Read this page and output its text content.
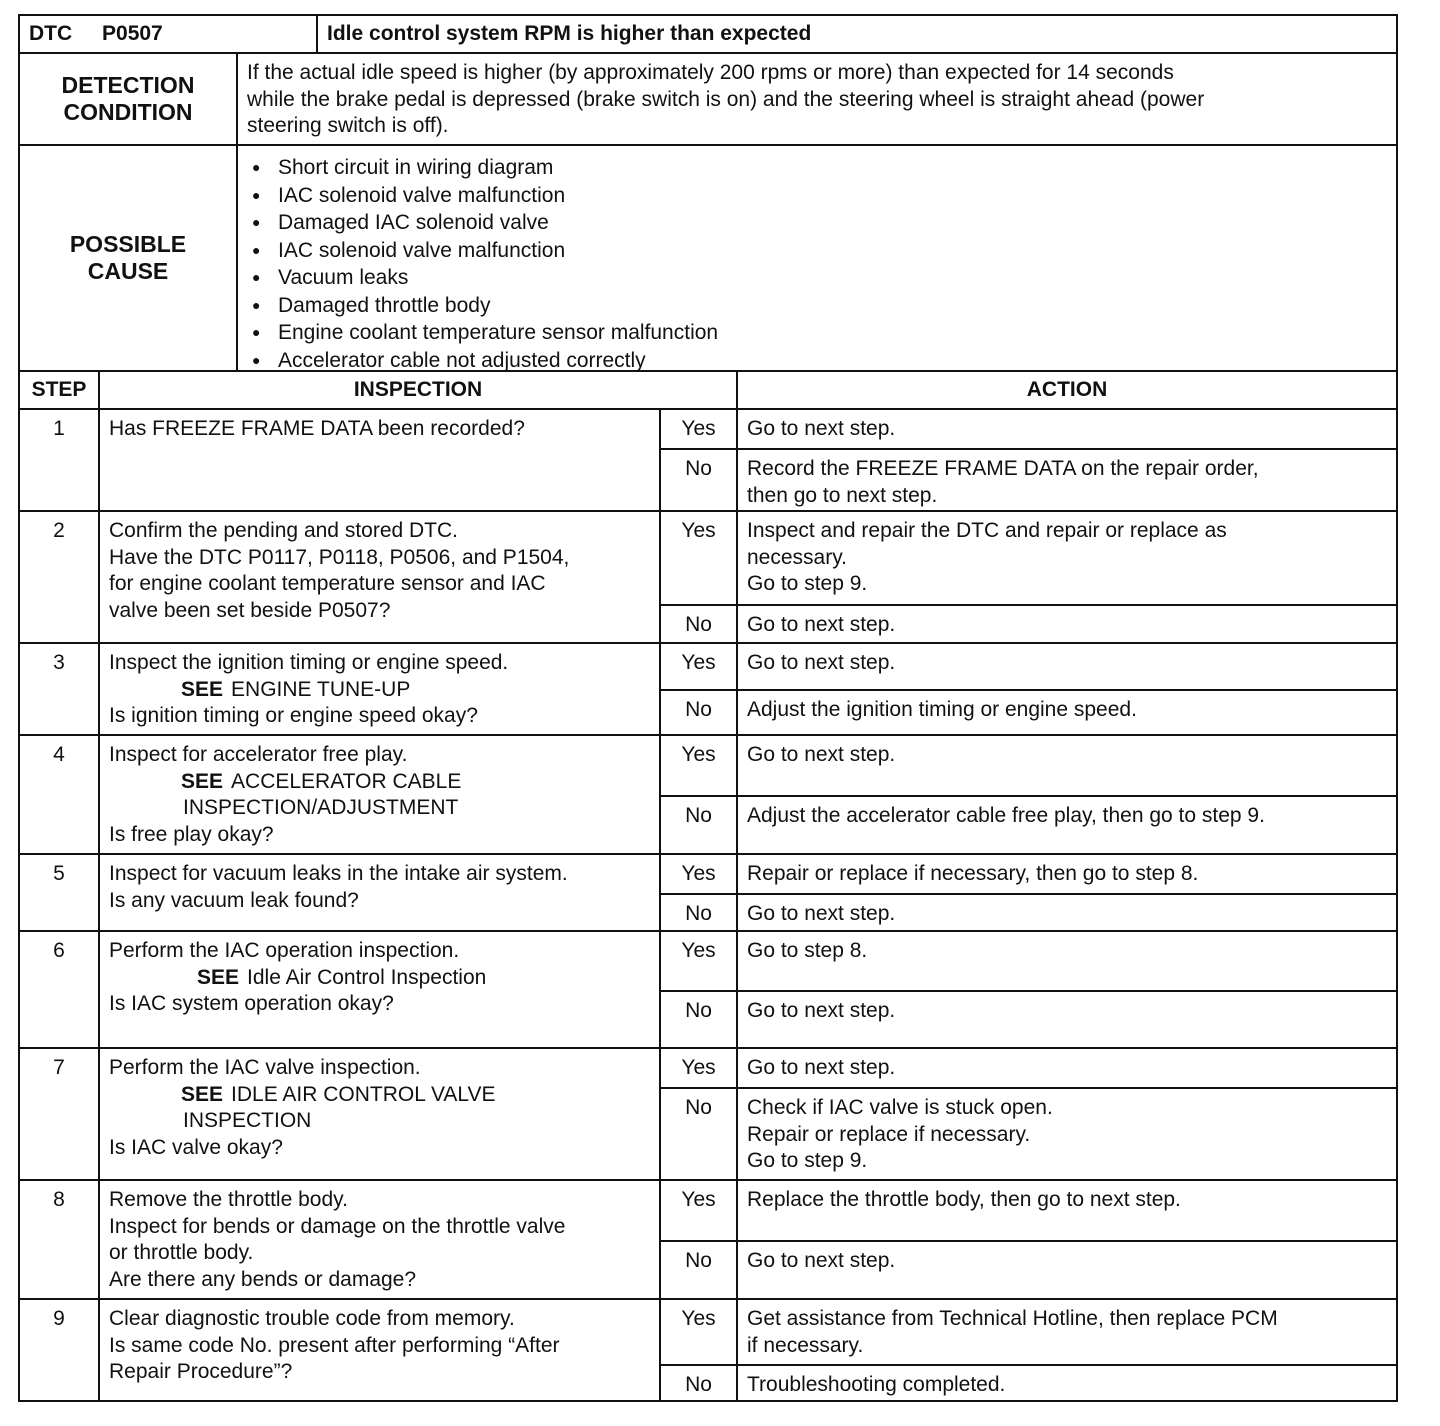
DTC P0507	Idle control system RPM is higher than expected
DETECTION
CONDITION
If the actual idle speed is higher (by approximately 200 rpms or more) than expected for 14 seconds
while the brake pedal is depressed (brake switch is on) and the steering wheel is straight ahead (power
steering switch is off).
POSSIBLE
CAUSE
● Short circuit in wiring diagram
● IAC solenoid valve malfunction
● Damaged IAC solenoid valve
● IAC solenoid valve malfunction
● Vacuum leaks
● Damaged throttle body
● Engine coolant temperature sensor malfunction
● Accelerator cable not adjusted correctly
STEP	INSPECTION	ACTION
1	Has FREEZE FRAME DATA been recorded?	Yes	Go to next step.
No	Record the FREEZE FRAME DATA on the repair order,
then go to next step.
2	Confirm the pending and stored DTC.
Have the DTC P0117, P0118, P0506, and P1504,
for engine coolant temperature sensor and IAC
valve been set beside P0507?
Yes	Inspect and repair the DTC and repair or replace as
necessary.
Go to step 9.
No	Go to next step.
3	Inspect the ignition timing or engine speed.
SEE ENGINE TUNE-UP
Is ignition timing or engine speed okay?
Yes	Go to next step.
No	Adjust the ignition timing or engine speed.
4	Inspect for accelerator free play.
SEE ACCELERATOR CABLE
INSPECTION/ADJUSTMENT
Is free play okay?
Yes	Go to next step.
No	Adjust the accelerator cable free play, then go to step 9.
5	Inspect for vacuum leaks in the intake air system.
Is any vacuum leak found?
Yes	Repair or replace if necessary, then go to step 8.
No	Go to next step.
6	Perform the IAC operation inspection.
SEE Idle Air Control Inspection
Is IAC system operation okay?
Yes	Go to step 8.
No	Go to next step.
7	Perform the IAC valve inspection.
SEE IDLE AIR CONTROL VALVE
INSPECTION
Is IAC valve okay?
Yes	Go to next step.
No	Check if IAC valve is stuck open.
Repair or replace if necessary.
Go to step 9.
8	Remove the throttle body.
Inspect for bends or damage on the throttle valve
or throttle body.
Are there any bends or damage?
Yes	Replace the throttle body, then go to next step.
No	Go to next step.
9	Clear diagnostic trouble code from memory.
Is same code No. present after performing “After
Repair Procedure”?
Yes	Get assistance from Technical Hotline, then replace PCM
if necessary.
No	Troubleshooting completed.
